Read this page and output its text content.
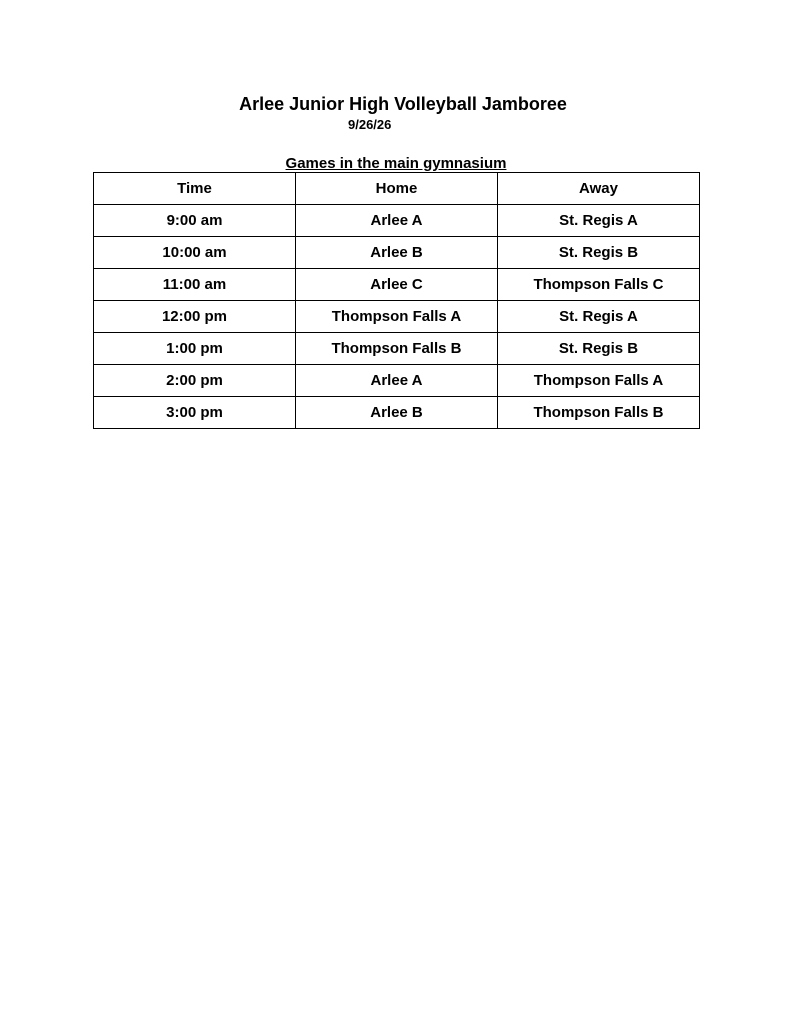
Arlee Junior High Volleyball Jamboree
9/26/26
Games in the main gymnasium
Time	Home	Away
9:00 am	Arlee A	St. Regis A
10:00 am	Arlee B	St. Regis B
11:00 am	Arlee C	Thompson Falls C
12:00 pm	Thompson Falls A	St. Regis A
1:00 pm	Thompson Falls B	St. Regis B
2:00 pm	Arlee A	Thompson Falls A
3:00 pm	Arlee B	Thompson Falls B
